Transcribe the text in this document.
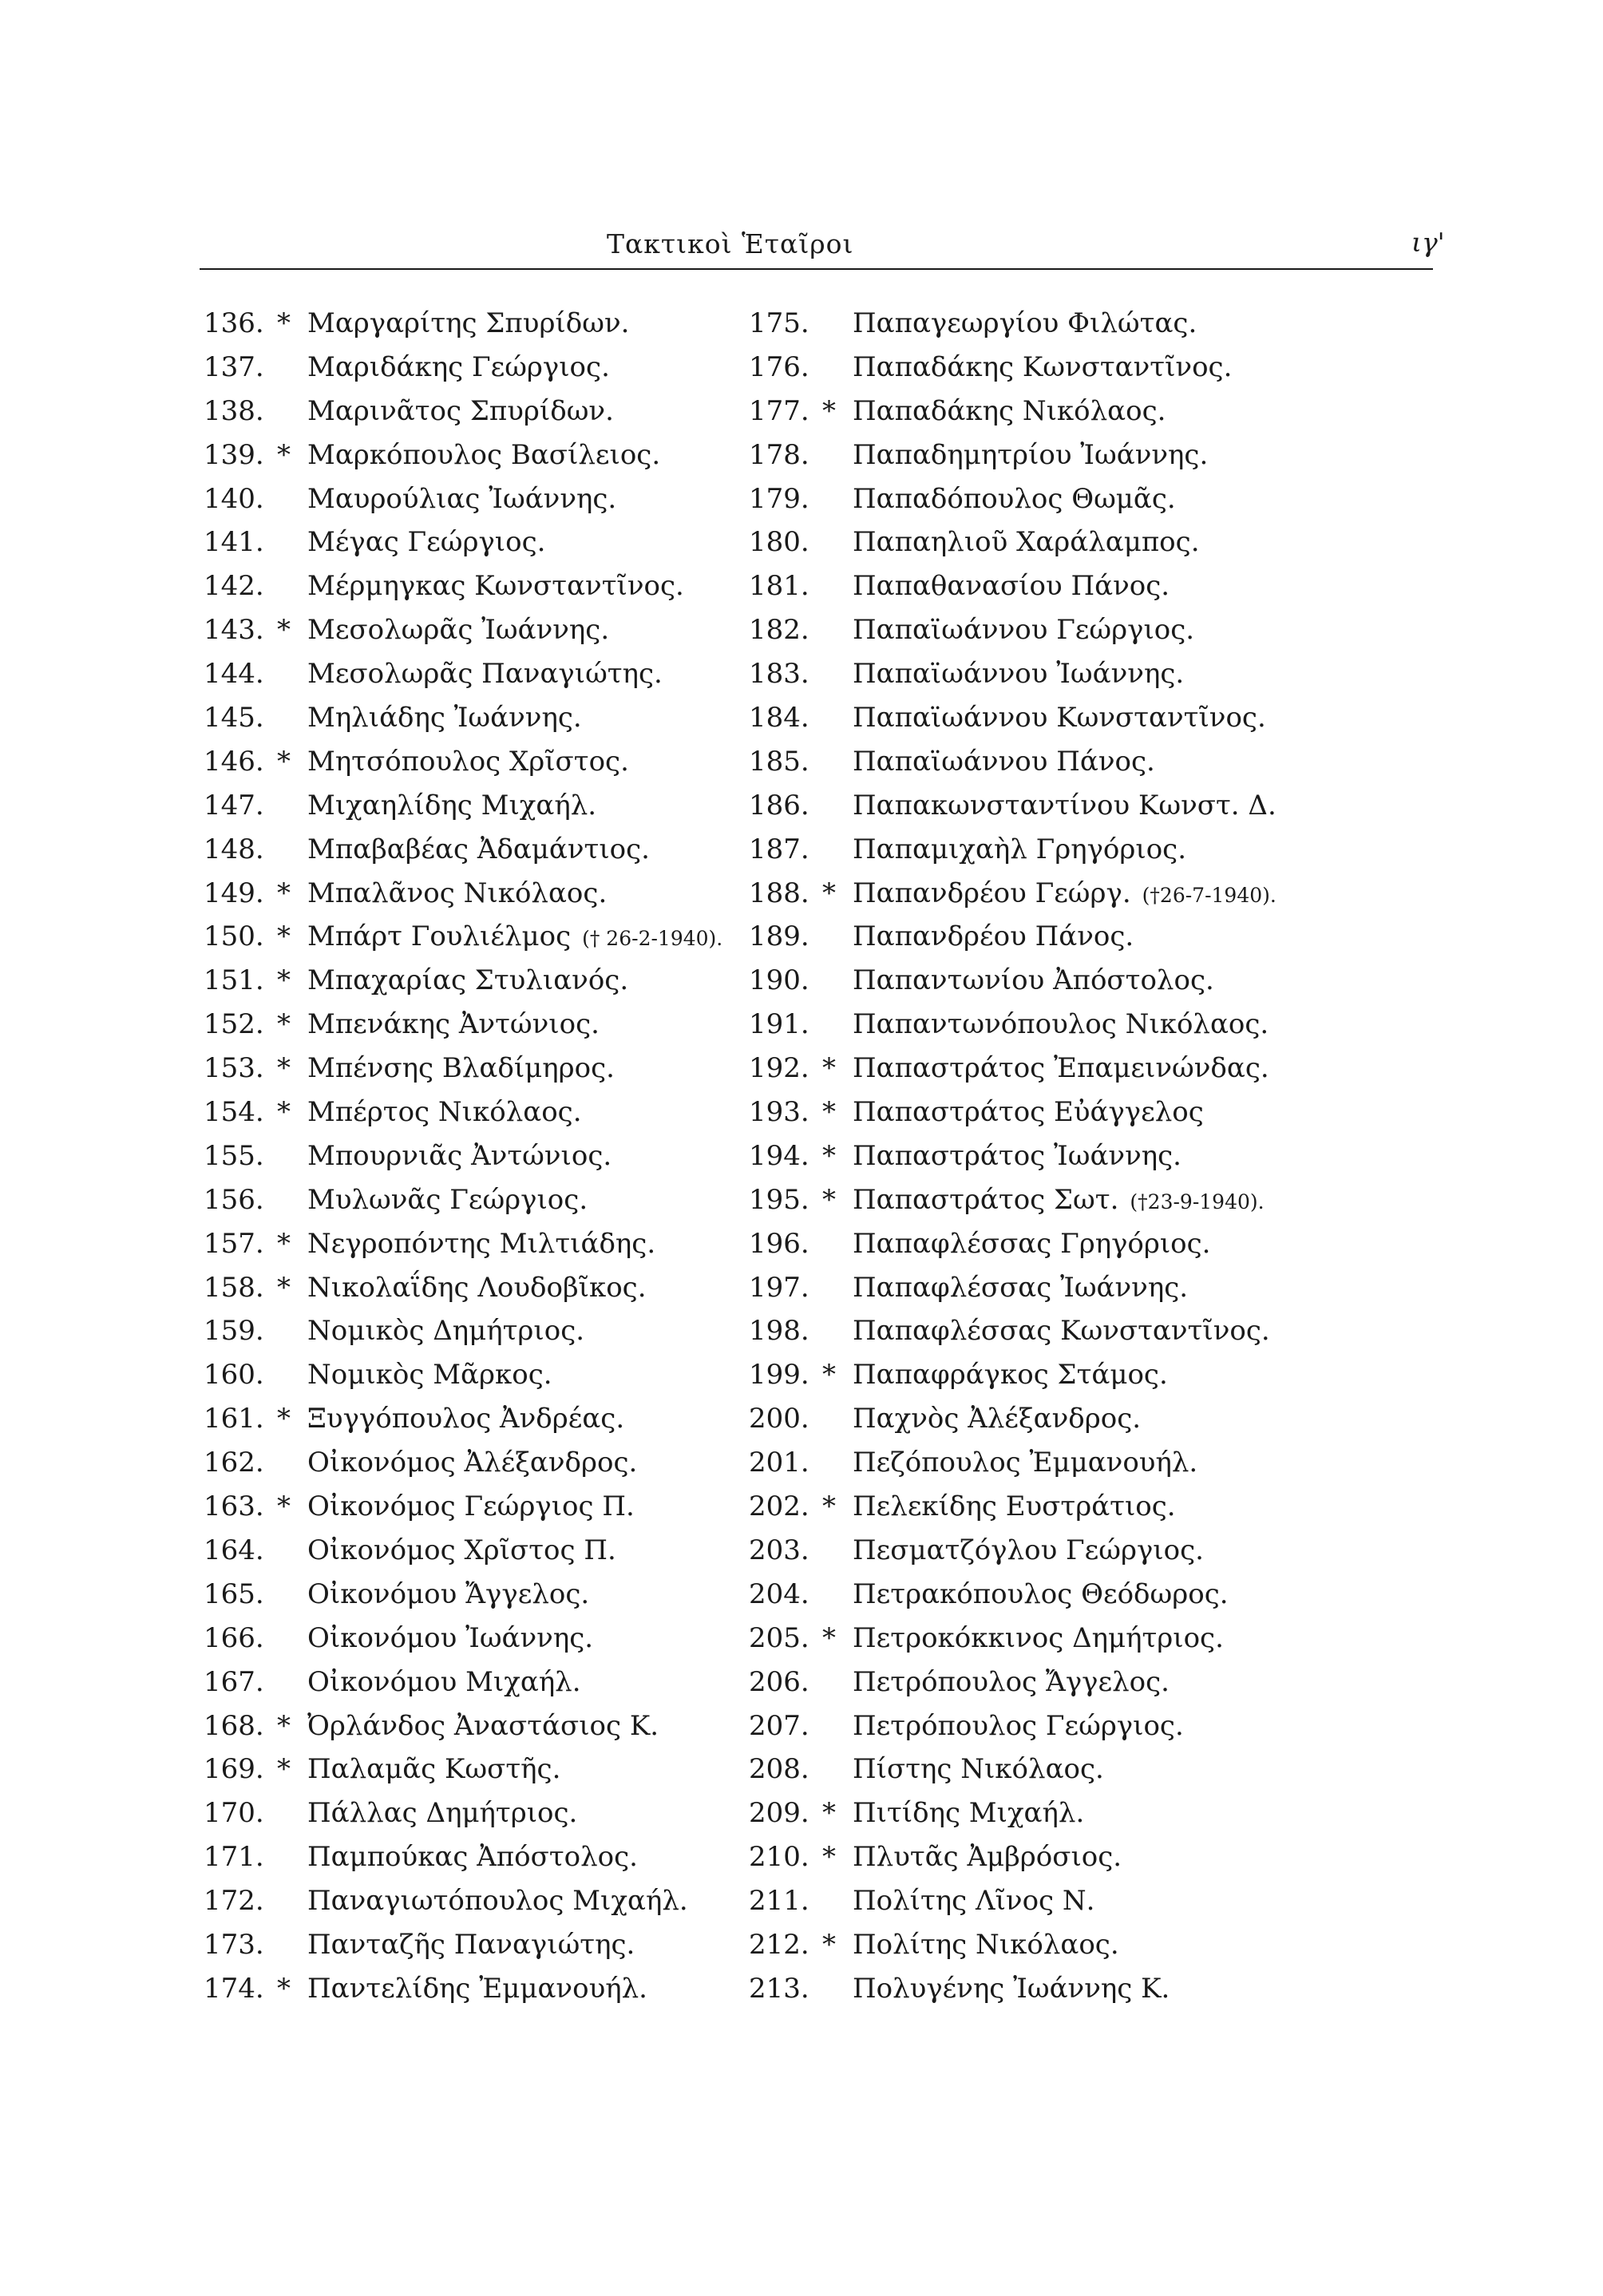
Τακτικοὶ Ἑταῖροι	ιγ'
136. * Μαργαρίτης Σπυρίδων.
137. Μαριδάκης Γεώργιος.
138. Μαρινᾶτος Σπυρίδων.
139. * Μαρκόπουλος Βασίλειος.
140. Μαυρούλιας Ἰωάννης.
141. Μέγας Γεώργιος.
142. Μέρμηγκας Κωνσταντῖνος.
143. * Μεσολωρᾶς Ἰωάννης.
144. Μεσολωρᾶς Παναγιώτης.
145. Μηλιάδης Ἰωάννης.
146. * Μητσόπουλος Χρῖστος.
147. Μιχαηλίδης Μιχαήλ.
148. Μπαβαβέας Ἀδαμάντιος.
149. * Μπαλᾶνος Νικόλαος.
150. * Μπάρτ Γουλιέλμος († 26-2-1940).
151. * Μπαχαρίας Στυλιανός.
152. * Μπενάκης Ἀντώνιος.
153. * Μπένσης Βλαδίμηρος.
154. * Μπέρτος Νικόλαος.
155. Μπουρνιᾶς Ἀντώνιος.
156. Μυλωνᾶς Γεώργιος.
157. * Νεγροπόντης Μιλτιάδης.
158. * Νικολαΐδης Λουδοβῖκος.
159. Νομικὸς Δημήτριος.
160. Νομικὸς Μᾶρκος.
161. * Ξυγγόπουλος Ἀνδρέας.
162. Οἰκονόμος Ἀλέξανδρος.
163. * Οἰκονόμος Γεώργιος Π.
164. Οἰκονόμος Χρῖστος Π.
165. Οἰκονόμου Ἄγγελος.
166. Οἰκονόμου Ἰωάννης.
167. Οἰκονόμου Μιχαήλ.
168. * Ὀρλάνδος Ἀναστάσιος Κ.
169. * Παλαμᾶς Κωστῆς.
170. Πάλλας Δημήτριος.
171. Παμπούκας Ἀπόστολος.
172. Παναγιωτόπουλος Μιχαήλ.
173. Πανταζῆς Παναγιώτης.
174. * Παντελίδης Ἐμμανουήλ.
175. Παπαγεωργίου Φιλώτας.
176. Παπαδάκης Κωνσταντῖνος.
177. * Παπαδάκης Νικόλαος.
178. Παπαδημητρίου Ἰωάννης.
179. Παπαδόπουλος Θωμᾶς.
180. Παπαηλιοῦ Χαράλαμπος.
181. Παπαθανασίου Πάνος.
182. Παπαϊωάννου Γεώργιος.
183. Παπαϊωάννου Ἰωάννης.
184. Παπαϊωάννου Κωνσταντῖνος.
185. Παπαϊωάννου Πάνος.
186. Παπακωνσταντίνου Κωνστ. Δ.
187. Παπαμιχαὴλ Γρηγόριος.
188. * Παπανδρέου Γεώργ. (†26-7-1940).
189. Παπανδρέου Πάνος.
190. Παπαντωνίου Ἀπόστολος.
191. Παπαντωνόπουλος Νικόλαος.
192. * Παπαστράτος Ἐπαμεινώνδας.
193. * Παπαστράτος Εὐάγγελος
194. * Παπαστράτος Ἰωάννης.
195. * Παπαστράτος Σωτ. (†23-9-1940).
196. Παπαφλέσσας Γρηγόριος.
197. Παπαφλέσσας Ἰωάννης.
198. Παπαφλέσσας Κωνσταντῖνος.
199. * Παπαφράγκος Στάμος.
200. Παχνὸς Ἀλέξανδρος.
201. Πεζόπουλος Ἐμμανουήλ.
202. * Πελεκίδης Ευστράτιος.
203. Πεσματζόγλου Γεώργιος.
204. Πετρακόπουλος Θεόδωρος.
205. * Πετροκόκκινος Δημήτριος.
206. Πετρόπουλος Ἄγγελος.
207. Πετρόπουλος Γεώργιος.
208. Πίστης Νικόλαος.
209. * Πιτίδης Μιχαήλ.
210. * Πλυτᾶς Ἀμβρόσιος.
211. Πολίτης Λῖνος Ν.
212. * Πολίτης Νικόλαος.
213. Πολυγένης Ἰωάννης Κ.
